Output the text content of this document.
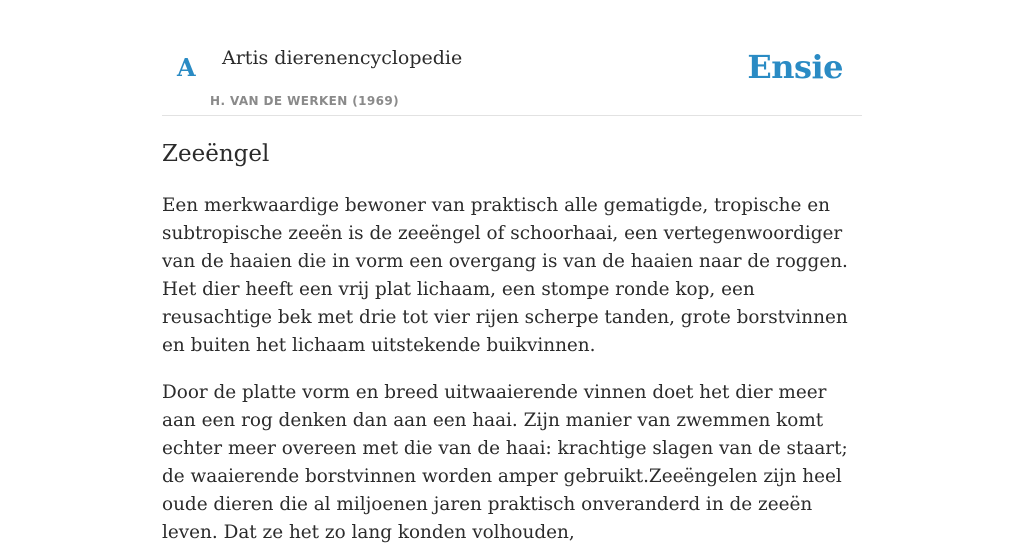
A Artis dierenencyclopedie
H. VAN DE WERKEN (1969)
Ensie
Zeeëngel

Een merkwaardige bewoner van praktisch alle gematigde, tropische en subtropische zeeën is de zeeëngel of schoorhaai, een vertegenwoordiger van de haaien die in vorm een overgang is van de haaien naar de roggen. Het dier heeft een vrij plat lichaam, een stompe ronde kop, een reusachtige bek met drie tot vier rijen scherpe tanden, grote borstvinnen en buiten het lichaam uitstekende buikvinnen.

Door de platte vorm en breed uitwaaierende vinnen doet het dier meer aan een rog denken dan aan een haai. Zijn manier van zwemmen komt echter meer overeen met die van de haai: krachtige slagen van de staart; de waaierende borstvinnen worden amper gebruikt.Zeeëngelen zijn heel oude dieren die al miljoenen jaren praktisch onveranderd in de zeeën leven. Dat ze het zo lang konden volhouden,
